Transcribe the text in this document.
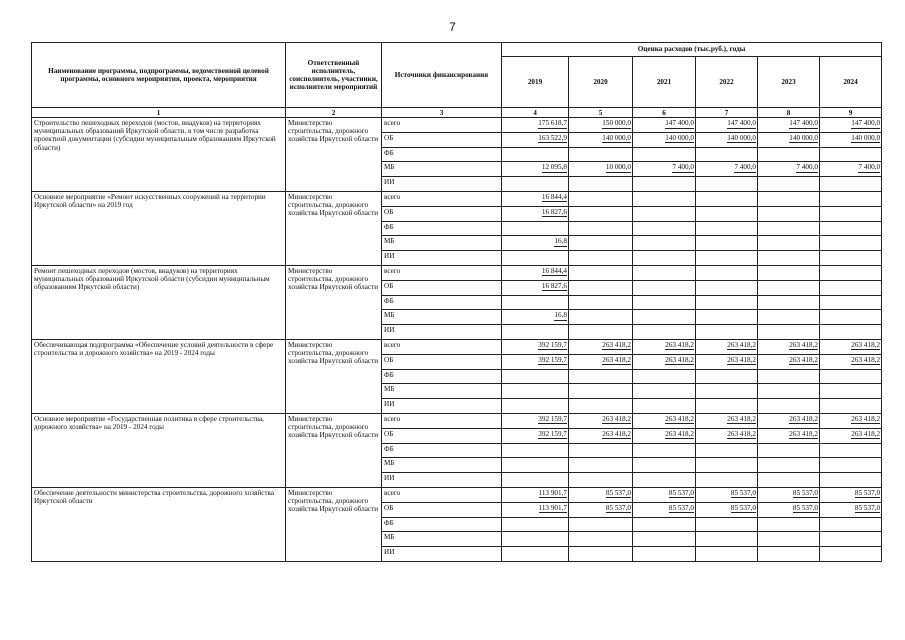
7
Наименование программы, подпрограммы, ведомственной целевой программы, основного мероприятия, проекта, мероприятия	Ответственный исполнитель, соисполнитель, участники, исполнители мероприятий	Источники финансирования	Оценка расходов (тыс.руб.), годы					
			2019	2020	2021	2022	2023	2024
1	2	3	4	5	6	7	8	9
Строительство пешеходных переходов (мостов, виадуков) на территориях муниципальных образований Иркутской области, в том числе разработка проектной документации (субсидии муниципальным образованиям Иркутской области)	Министерство строительства, дорожного хозяйства Иркутской области	всего	175 618,7	150 000,0	147 400,0	147 400,0	147 400,0	147 400,0
		ОБ	163 522,9	140 000,0	140 000,0	140 000,0	140 000,0	140 000,0
		ФБ						
		МБ	12 095,8	10 000,0	7 400,0	7 400,0	7 400,0	7 400,0
		ИИ						
Основное мероприятие «Ремонт искусственных сооружений на территории Иркутской области» на 2019 год	Министерство строительства, дорожного хозяйства Иркутской области	всего	16 844,4					
		ОБ	16 827,6					
		ФБ						
		МБ	16,8					
		ИИ						
Ремонт пешеходных переходов (мостов, виадуков) на территориях муниципальных образований Иркутской области (субсидии муниципальным образованиям Иркутской области)	Министерство строительства, дорожного хозяйства Иркутской области	всего	16 844,4					
		ОБ	16 827,6					
		ФБ						
		МБ	16,8					
		ИИ						
Обеспечивающая подпрограмма «Обеспечение условий деятельности в сфере строительства и дорожного хозяйства» на 2019 - 2024 годы	Министерство строительства, дорожного хозяйства Иркутской области	всего	392 159,7	263 418,2	263 418,2	263 418,2	263 418,2	263 418,2
		ОБ	392 159,7	263 418,2	263 418,2	263 418,2	263 418,2	263 418,2
		ФБ						
		МБ						
		ИИ						
Основное мероприятие «Государственная политика в сфере строительства, дорожного хозяйства» на 2019 - 2024 годы	Министерство строительства, дорожного хозяйства Иркутской области	всего	392 159,7	263 418,2	263 418,2	263 418,2	263 418,2	263 418,2
		ОБ	392 159,7	263 418,2	263 418,2	263 418,2	263 418,2	263 418,2
		ФБ						
		МБ						
		ИИ						
Обеспечение деятельности министерства строительства, дорожного хозяйства Иркутской области	Министерство строительства, дорожного хозяйства Иркутской области	всего	113 901,7	85 537,0	85 537,0	85 537,0	85 537,0	85 537,0
		ОБ	113 901,7	85 537,0	85 537,0	85 537,0	85 537,0	85 537,0
		ФБ						
		МБ						
		ИИ						
